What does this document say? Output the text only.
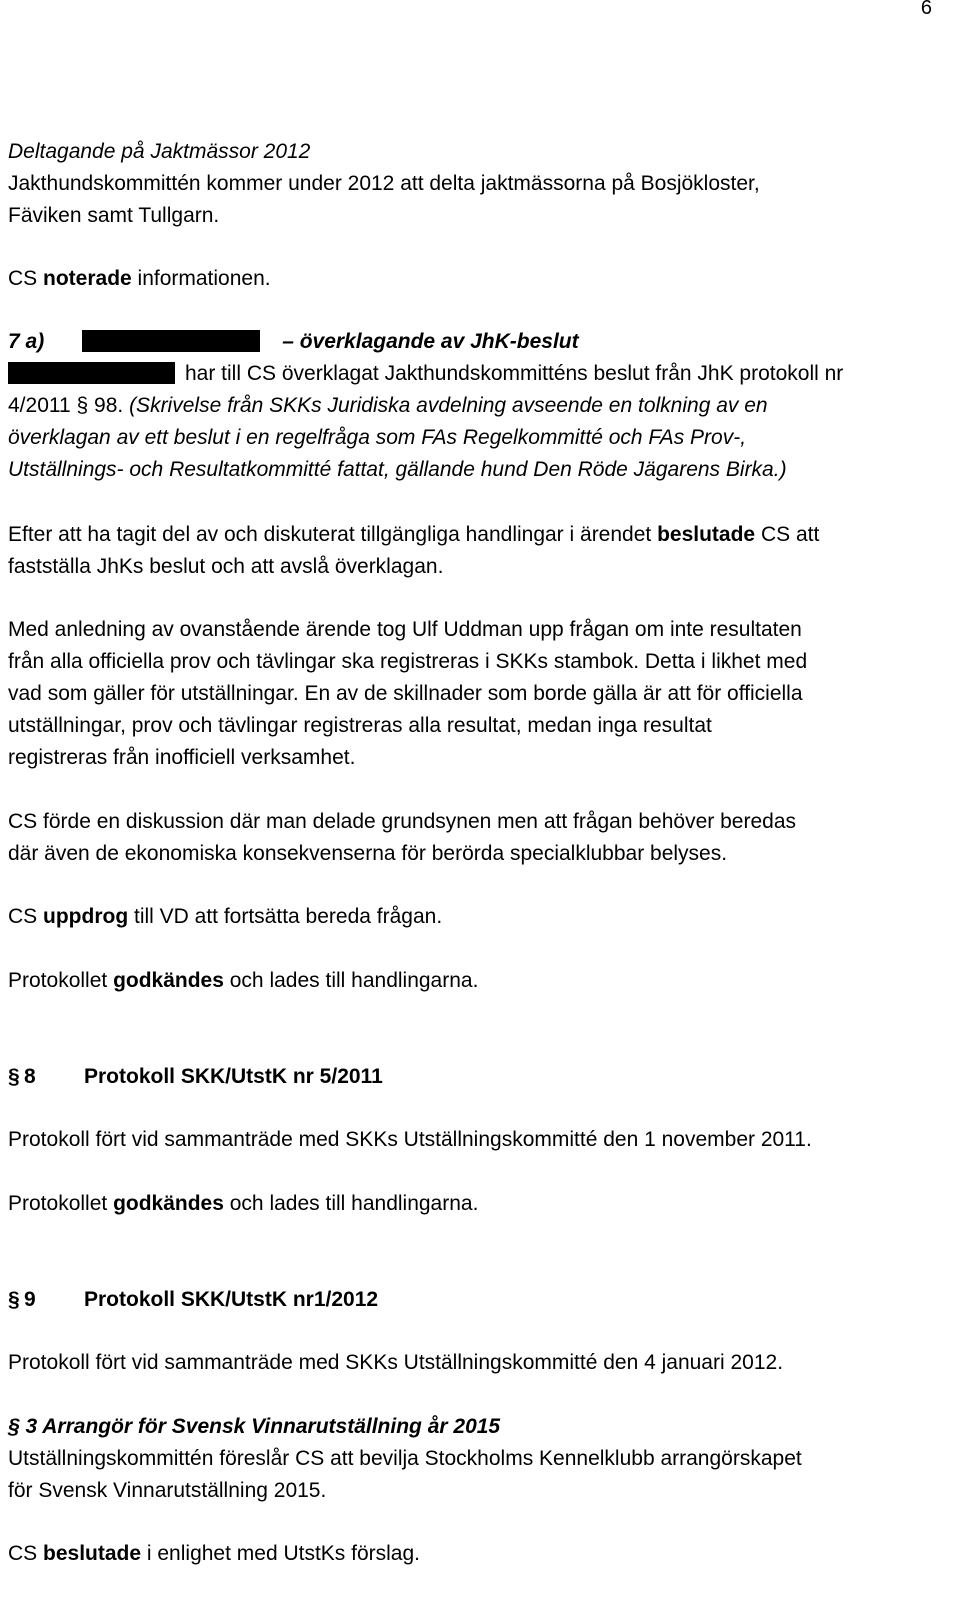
6
Deltagande på Jaktmässor 2012
Jakthundskommittén kommer under 2012 att delta jaktmässorna på Bosjökloster,
Fäviken samt Tullgarn.
CS noterade informationen.
7 a)	– överklagande av JhK-beslut
har till CS överklagat Jakthundskommitténs beslut från JhK protokoll nr
4/2011 § 98. (Skrivelse från SKKs Juridiska avdelning avseende en tolkning av en
överklagan av ett beslut i en regelfråga som FAs Regelkommitté och FAs Prov-,
Utställnings- och Resultatkommitté fattat, gällande hund Den Röde Jägarens Birka.)
Efter att ha tagit del av och diskuterat tillgängliga handlingar i ärendet beslutade CS att
fastställa JhKs beslut och att avslå överklagan.
Med anledning av ovanstående ärende tog Ulf Uddman upp frågan om inte resultaten
från alla officiella prov och tävlingar ska registreras i SKKs stambok. Detta i likhet med
vad som gäller för utställningar. En av de skillnader som borde gälla är att för officiella
utställningar, prov och tävlingar registreras alla resultat, medan inga resultat
registreras från inofficiell verksamhet.
CS förde en diskussion där man delade grundsynen men att frågan behöver beredas
där även de ekonomiska konsekvenserna för berörda specialklubbar belyses.
CS uppdrog till VD att fortsätta bereda frågan.
Protokollet godkändes och lades till handlingarna.
§ 8 Protokoll SKK/UtstK nr 5/2011
Protokoll fört vid sammanträde med SKKs Utställningskommitté den 1 november 2011.
Protokollet godkändes och lades till handlingarna.
§ 9 Protokoll SKK/UtstK nr1/2012
Protokoll fört vid sammanträde med SKKs Utställningskommitté den 4 januari 2012.
§ 3 Arrangör för Svensk Vinnarutställning år 2015
Utställningskommittén föreslår CS att bevilja Stockholms Kennelklubb arrangörskapet
för Svensk Vinnarutställning 2015.
CS beslutade i enlighet med UtstKs förslag.
